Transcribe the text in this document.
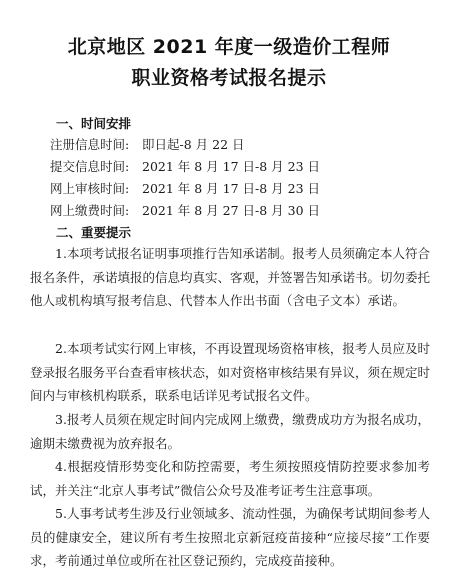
北京地区 2021 年度一级造价工程师
职业资格考试报名提示
一、时间安排
注册信息时间: 即日起-8 月 22 日
提交信息时间: 2021 年 8 月 17 日-8 月 23 日
网上审核时间: 2021 年 8 月 17 日-8 月 23 日
网上缴费时间: 2021 年 8 月 27 日-8 月 30 日
二、重要提示

1.本项考试报名证明事项推行告知承诺制。报考人员须确定本人符合报名条件，承诺填报的信息均真实、客观，并签署告知承诺书。切勿委托他人或机构填写报考信息、代替本人作出书面（含电子文本）承诺。

2.本项考试实行网上审核，不再设置现场资格审核，报考人员应及时登录报名服务平台查看审核状态，如对资格审核结果有异议，须在规定时间内与审核机构联系，联系电话详见考试报名文件。

3.报考人员须在规定时间内完成网上缴费，缴费成功方为报名成功，逾期未缴费视为放弃报名。

4.根据疫情形势变化和防控需要，考生须按照疫情防控要求参加考试，并关注“北京人事考试”微信公众号及准考证考生注意事项。

5.人事考试考生涉及行业领域多、流动性强，为确保考试期间参考人员的健康安全，建议所有考生按照北京新冠疫苗接种“应接尽接”工作要求，考前通过单位或所在社区登记预约，完成疫苗接种。
